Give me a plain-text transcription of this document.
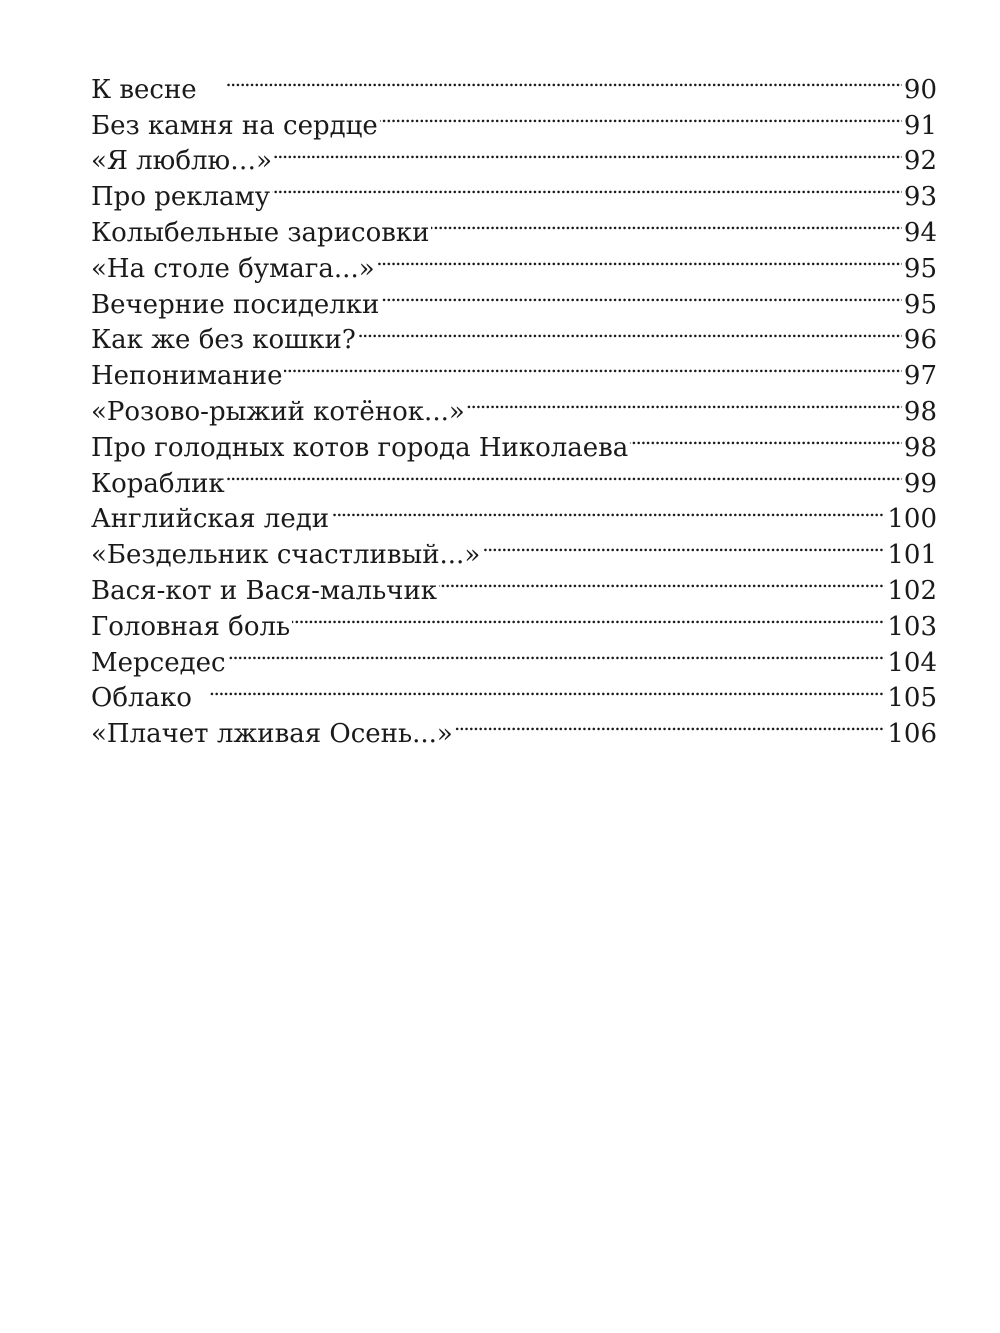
К весне . . .	90
Без камня на сердце . . .	91
«Я люблю…» . . .	92
Про рекламу . . .	93
Колыбельные зарисовки . . .	94
«На столе бумага...» . . .	95
Вечерние посиделки . . .	95
Как же без кошки? . . .	96
Непонимание . . .	97
«Розово-рыжий котёнок...» . . .	98
Про голодных котов города Николаева . . .	98
Кораблик . . .	99
Английская леди . . .	100
«Бездельник счастливый...» . . .	101
Вася-кот и Вася-мальчик . . .	102
Головная боль . . .	103
Мерседес . . .	104
Облако . . .	105
«Плачет лживая Осень...» . . .	106
